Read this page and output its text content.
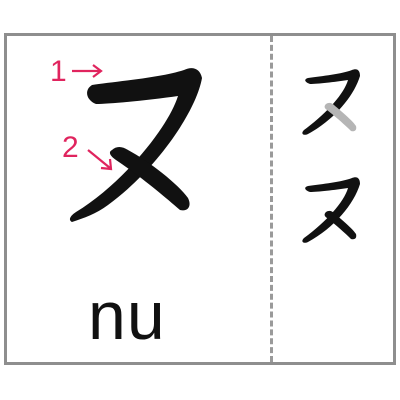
1
2
nu
